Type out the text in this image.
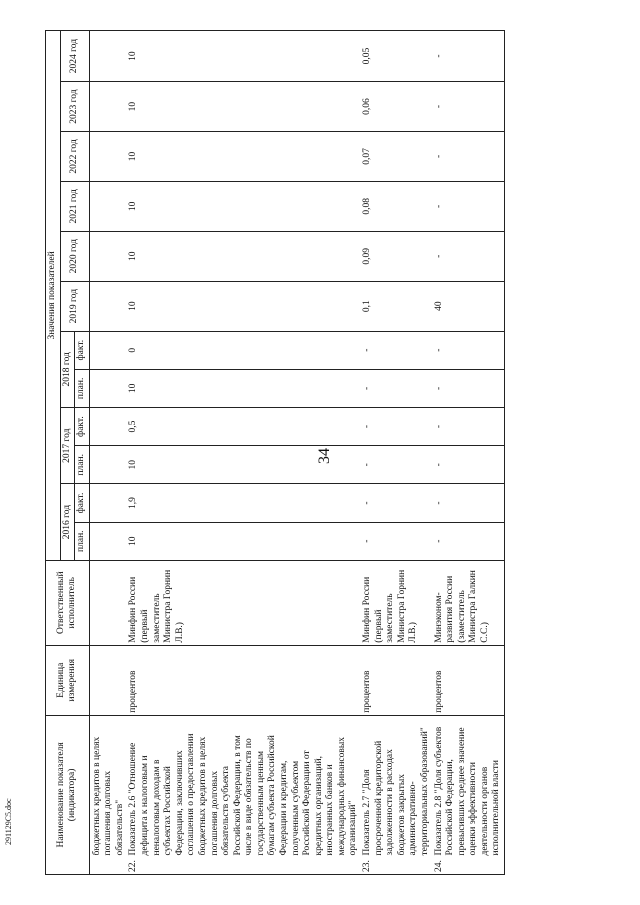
34
Наименование показателя (индикатора)		Единица измерения	Ответственный исполнитель	Значения показателей											
				2016 год		2017 год		2018 год		2019 год	2020 год	2021 год	2022 год	2023 год	2024 год
				план.	факт.	план.	факт.	план.	факт.						
	бюджетных кредитов в целях погашения долговых обязательств"														
22.	Показатель 2.6 "Отношение дефицита к налоговым и неналоговым доходам в субъектах Российской Федерации, заключивших соглашения о предоставлении бюджетных кредитов в целях погашения долговых обязательств субъекта Российской Федерации, в том числе в виде обязательств по государственным ценным бумагам субъекта Российской Федерации и кредитам, полученным субъектом Российской Федерации от кредитных организаций, иностранных банков и международных финансовых организаций"	процентов	Минфин России (первый заместитель Министра Горнин Л.В.)	10	1,9	10	0,5	10	0	10	10	10	10	10	10
23.	Показатель 2.7 "Доля просроченной кредиторской задолженности в расходах бюджетов закрытых административно-территориальных образований"	процентов	Минфин России (первый заместитель Министра Горнин Л.В.)	-	-	-	-	-	-	0,1	0,09	0,08	0,07	0,06	0,05
24.	Показатель 2.8 "Доля субъектов Российской Федерации, превысивших среднее значение оценки эффективности деятельности органов исполнительной власти	процентов	Минэконом-развития России (заместитель Министра Галкин С.С.)	-	-	-	-	-	-	40	-	-	-	-	-
291129C5.doc
